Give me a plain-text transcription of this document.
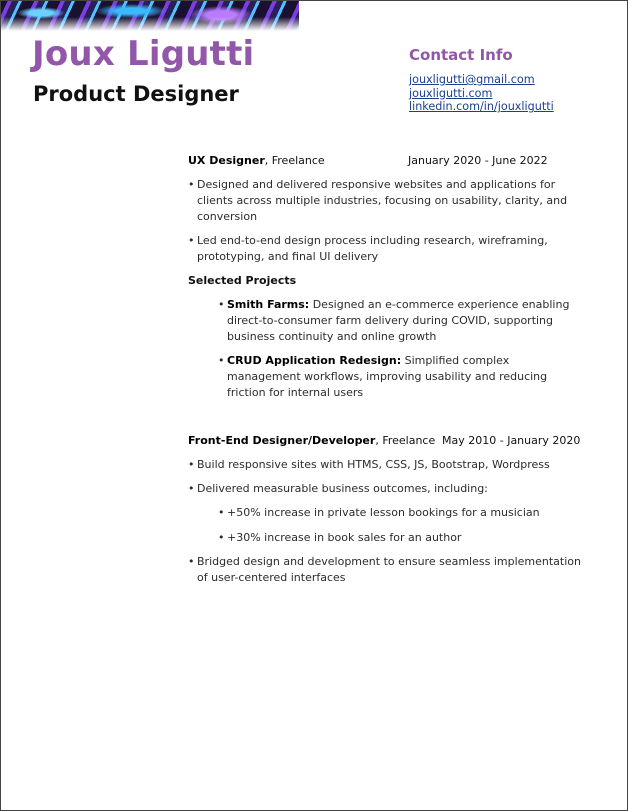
Joux Ligutti
Product Designer
Contact Info
jouxligutti@gmail.com
jouxligutti.com
linkedin.com/in/jouxligutti
UX Designer, Freelance	January 2020 - June 2022
• Designed and delivered responsive websites and applications for clients across multiple industries, focusing on usability, clarity, and conversion
• Led end-to-end design process including research, wireframing, prototyping, and final UI delivery
Selected Projects
• Smith Farms: Designed an e-commerce experience enabling direct-to-consumer farm delivery during COVID, supporting business continuity and online growth
• CRUD Application Redesign: Simplified complex management workflows, improving usability and reducing friction for internal users
Front-End Designer/Developer, Freelance May 2010 - January 2020
• Build responsive sites with HTMS, CSS, JS, Bootstrap, Wordpress
• Delivered measurable business outcomes, including:
• +50% increase in private lesson bookings for a musician
• +30% increase in book sales for an author
• Bridged design and development to ensure seamless implementation of user-centered interfaces
